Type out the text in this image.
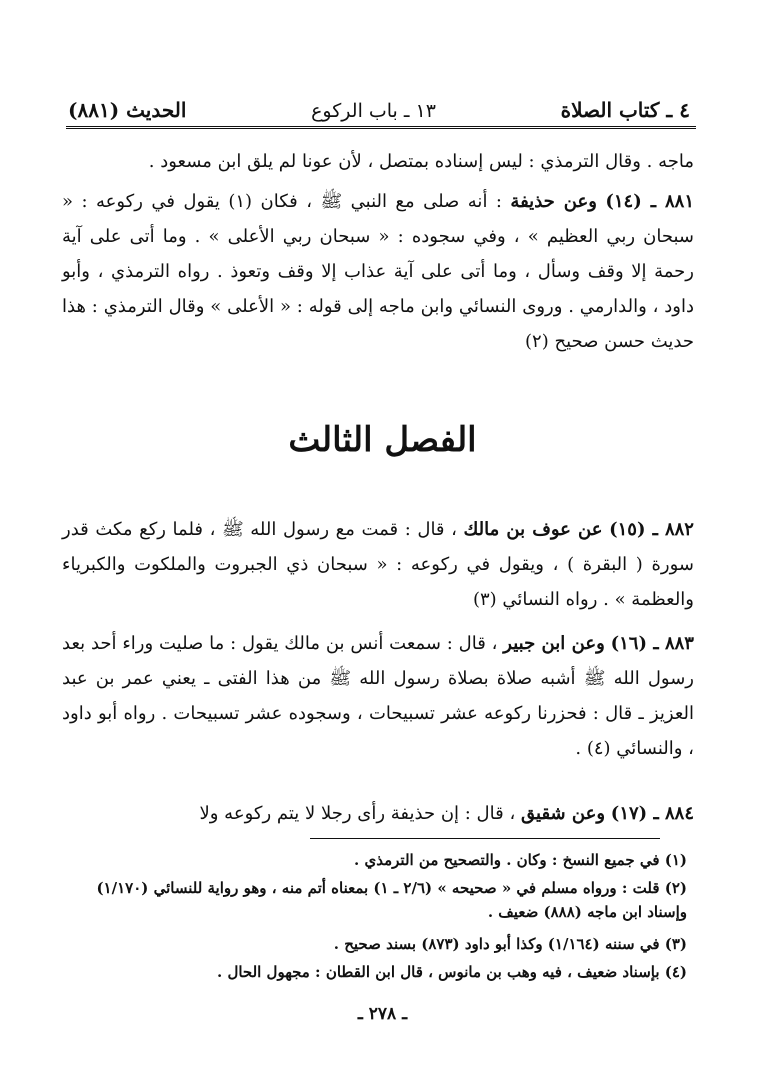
٤ ـ كتاب الصلاة
١٣ ـ باب الركوع
الحديث (٨٨١)

ماجه . وقال الترمذي : ليس إسناده بمتصل ، لأن عونا لم يلق ابن مسعود .

٨٨١ ـ (١٤) وعن حذيفة : أنه صلى مع النبي ﷺ ، فكان (١) يقول في ركوعه : « سبحان ربي العظيم » ، وفي سجوده : « سبحان ربي الأعلى » . وما أتى على آية رحمة إلا وقف وسأل ، وما أتى على آية عذاب إلا وقف وتعوذ . رواه الترمذي ، وأبو داود ، والدارمي . وروى النسائي وابن ماجه إلى قوله : « الأعلى » وقال الترمذي : هذا حديث حسن صحيح (٢)

الفصل الثالث

٨٨٢ ـ (١٥) عن عوف بن مالك ، قال : قمت مع رسول الله ﷺ ، فلما ركع مكث قدر سورة ( البقرة ) ، ويقول في ركوعه : « سبحان ذي الجبروت والملكوت والكبرياء والعظمة » . رواه النسائي (٣)

٨٨٣ ـ (١٦) وعن ابن جبير ، قال : سمعت أنس بن مالك يقول : ما صليت وراء أحد بعد رسول الله ﷺ أشبه صلاة بصلاة رسول الله ﷺ من هذا الفتى ـ يعني عمر بن عبد العزيز ـ قال : فحزرنا ركوعه عشر تسبيحات ، وسجوده عشر تسبيحات . رواه أبو داود ، والنسائي (٤) .

٨٨٤ ـ (١٧) وعن شقيق ، قال : إن حذيفة رأى رجلا لا يتم ركوعه ولا

(١) في جميع النسخ : وكان . والتصحيح من الترمذي .

(٢) قلت : ورواه مسلم في « صحيحه » (٢/٦ ـ ١) بمعناه أتم منه ، وهو رواية للنسائي (١/١٧٠) وإسناد ابن ماجه (٨٨٨) ضعيف .

(٣) في سننه (١/١٦٤) وكذا أبو داود (٨٧٣) بسند صحيح .

(٤) بإسناد ضعيف ، فيه وهب بن مانوس ، قال ابن القطان : مجهول الحال .

ـ ٢٧٨ ـ
